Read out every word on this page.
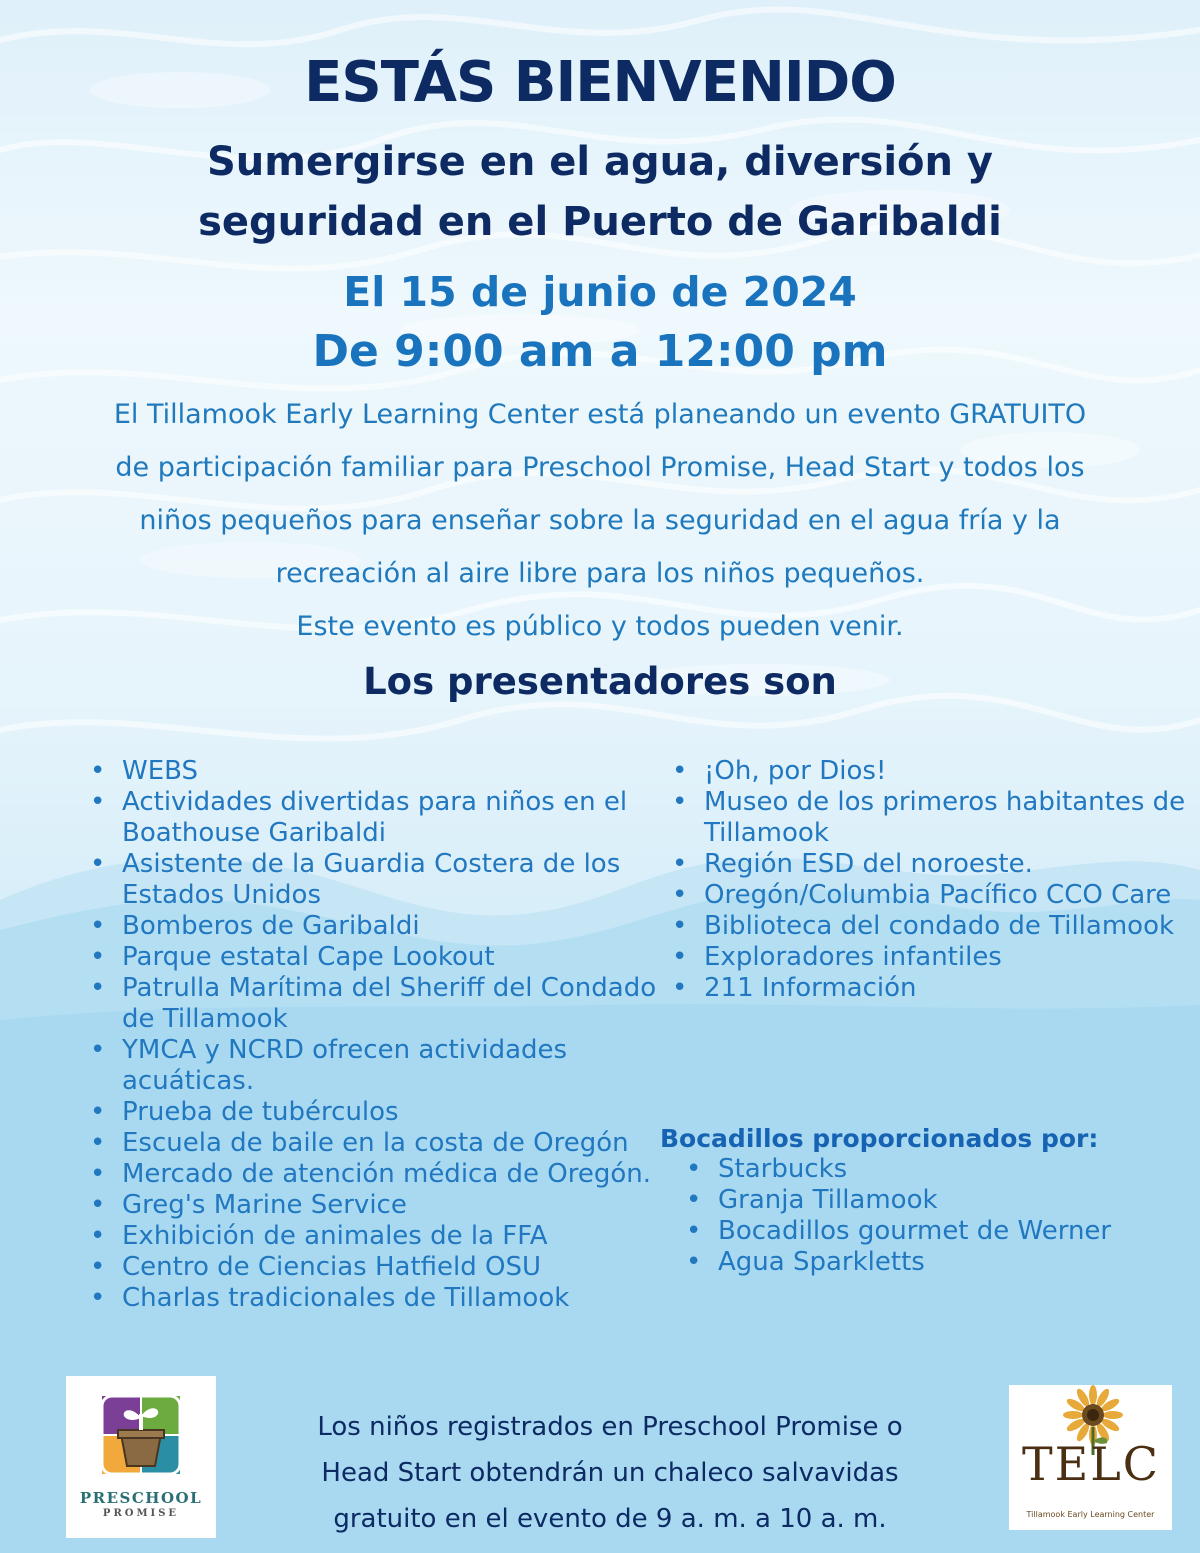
ESTÁS BIENVENIDO
Sumergirse en el agua, diversión y
seguridad en el Puerto de Garibaldi
El 15 de junio de 2024
De 9:00 am a 12:00 pm
El Tillamook Early Learning Center está planeando un evento GRATUITO
de participación familiar para Preschool Promise, Head Start y todos los
niños pequeños para enseñar sobre la seguridad en el agua fría y la
recreación al aire libre para los niños pequeños.
Este evento es público y todos pueden venir.
Los presentadores son
• WEBS
• Actividades divertidas para niños en el Boathouse Garibaldi
• Asistente de la Guardia Costera de los Estados Unidos
• Bomberos de Garibaldi
• Parque estatal Cape Lookout
• Patrulla Marítima del Sheriff del Condado de Tillamook
• YMCA y NCRD ofrecen actividades acuáticas.
• Prueba de tubérculos
• Escuela de baile en la costa de Oregón
• Mercado de atención médica de Oregón.
• Greg's Marine Service
• Exhibición de animales de la FFA
• Centro de Ciencias Hatfield OSU
• Charlas tradicionales de Tillamook
• ¡Oh, por Dios!
• Museo de los primeros habitantes de Tillamook
• Región ESD del noroeste.
• Oregón/Columbia Pacífico CCO Care
• Biblioteca del condado de Tillamook
• Exploradores infantiles
• 211 Información
Bocadillos proporcionados por:
• Starbucks
• Granja Tillamook
• Bocadillos gourmet de Werner
• Agua Sparkletts
PRESCHOOL
PROMISE
TELC
Tillamook Early Learning Center
Los niños registrados en Preschool Promise o
Head Start obtendrán un chaleco salvavidas
gratuito en el evento de 9 a. m. a 10 a. m.
